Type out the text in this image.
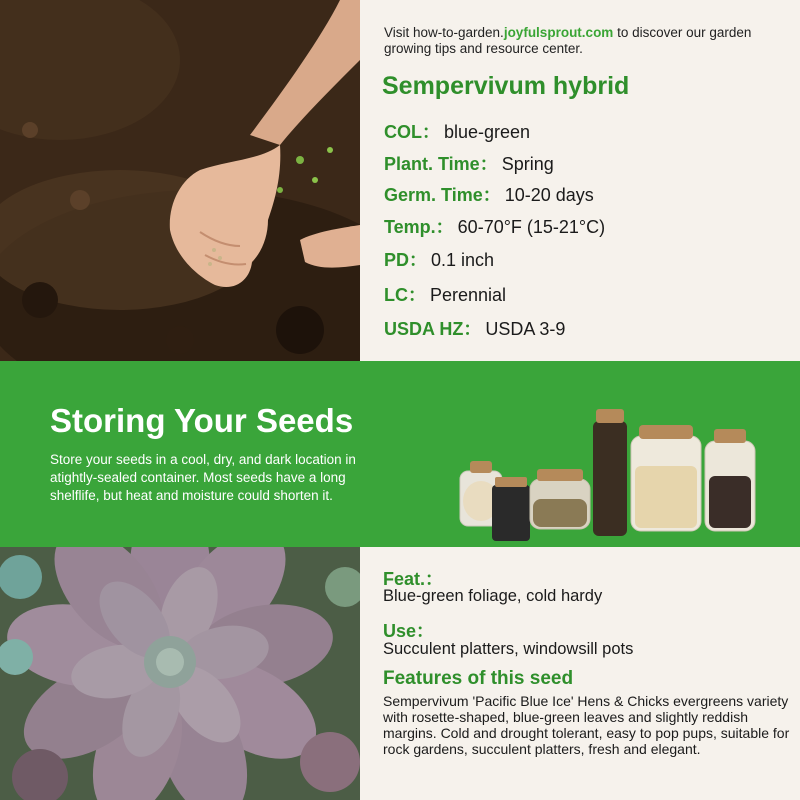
Visit how-to-garden.joyfulsprout.com to discover our garden growing tips and resource center.
Sempervivum hybrid
COL： blue-green
Plant. Time： Spring
Germ. Time： 10-20 days
Temp.： 60-70°F (15-21°C)
PD： 0.1 inch
LC： Perennial
USDA HZ： USDA 3-9
Storing Your Seeds
Store your seeds in a cool, dry, and dark location in atightly-sealed container. Most seeds have a long shelflife, but heat and moisture could shorten it.
Feat.：
Blue-green foliage, cold hardy
Use：
Succulent platters, windowsill pots
Features of this seed
Sempervivum 'Pacific Blue Ice' Hens & Chicks evergreens variety with rosette-shaped, blue-green leaves and slightly reddish margins. Cold and drought tolerant, easy to pop pups, suitable for rock gardens, succulent platters, fresh and elegant.
